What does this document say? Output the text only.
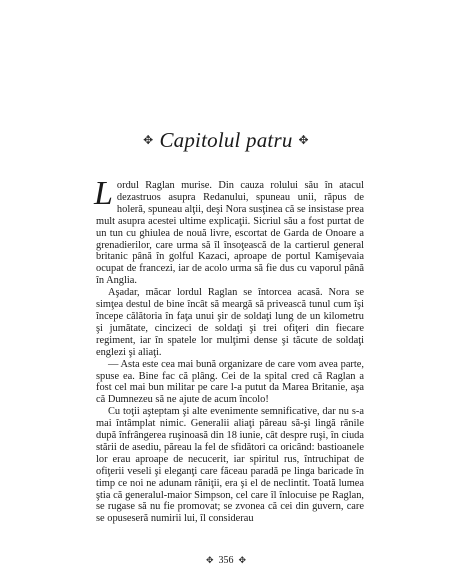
✥ Capitolul patru ✥

Lordul Raglan murise. Din cauza rolului său în atacul dezastruos asupra Redanului, spuneau unii, răpus de holeră, spuneau alţii, deşi Nora susţinea că se insistase prea mult asupra acestei ultime explicaţii. Sicriul său a fost purtat de un tun cu ghiulea de nouă livre, escortat de Garda de Onoare a grenadierilor, care urma să îl însoţească de la cartierul general britanic până în golful Kazaci, aproape de portul Kamişevaia ocupat de francezi, iar de acolo urma să fie dus cu vaporul până în Anglia.

Aşadar, măcar lordul Raglan se întorcea acasă. Nora se simţea destul de bine încât să meargă să privească tunul cum îşi începe călătoria în faţa unui şir de soldaţi lung de un kilometru şi jumătate, cincizeci de soldaţi şi trei ofiţeri din fiecare regiment, iar în spatele lor mulţimi dense şi tăcute de soldaţi englezi şi aliaţi.

— Asta este cea mai bună organizare de care vom avea parte, spuse ea. Bine fac că plâng. Cei de la spital cred că Raglan a fost cel mai bun militar pe care l-a putut da Marea Britanie, aşa că Dumnezeu să ne ajute de acum încolo!

Cu toţii aşteptam şi alte evenimente semnificative, dar nu s-a mai întâmplat nimic. Generalii aliaţi păreau să-şi lingă rănile după înfrângerea ruşinoasă din 18 iunie, cât despre ruşi, în ciuda stării de asediu, păreau la fel de sfidători ca oricând: bastioanele lor erau aproape de necucerit, iar spiritul rus, întruchipat de ofiţerii veseli şi eleganţi care făceau paradă pe linga baricade în timp ce noi ne adunam răniţii, era şi el de neclintit. Toată lumea ştia că generalul-maior Simpson, cel care îl înlocuise pe Raglan, se rugase să nu fie promovat; se zvonea că cei din guvern, care se opuseseră numirii lui, îl considerau

✥ 356 ✥
